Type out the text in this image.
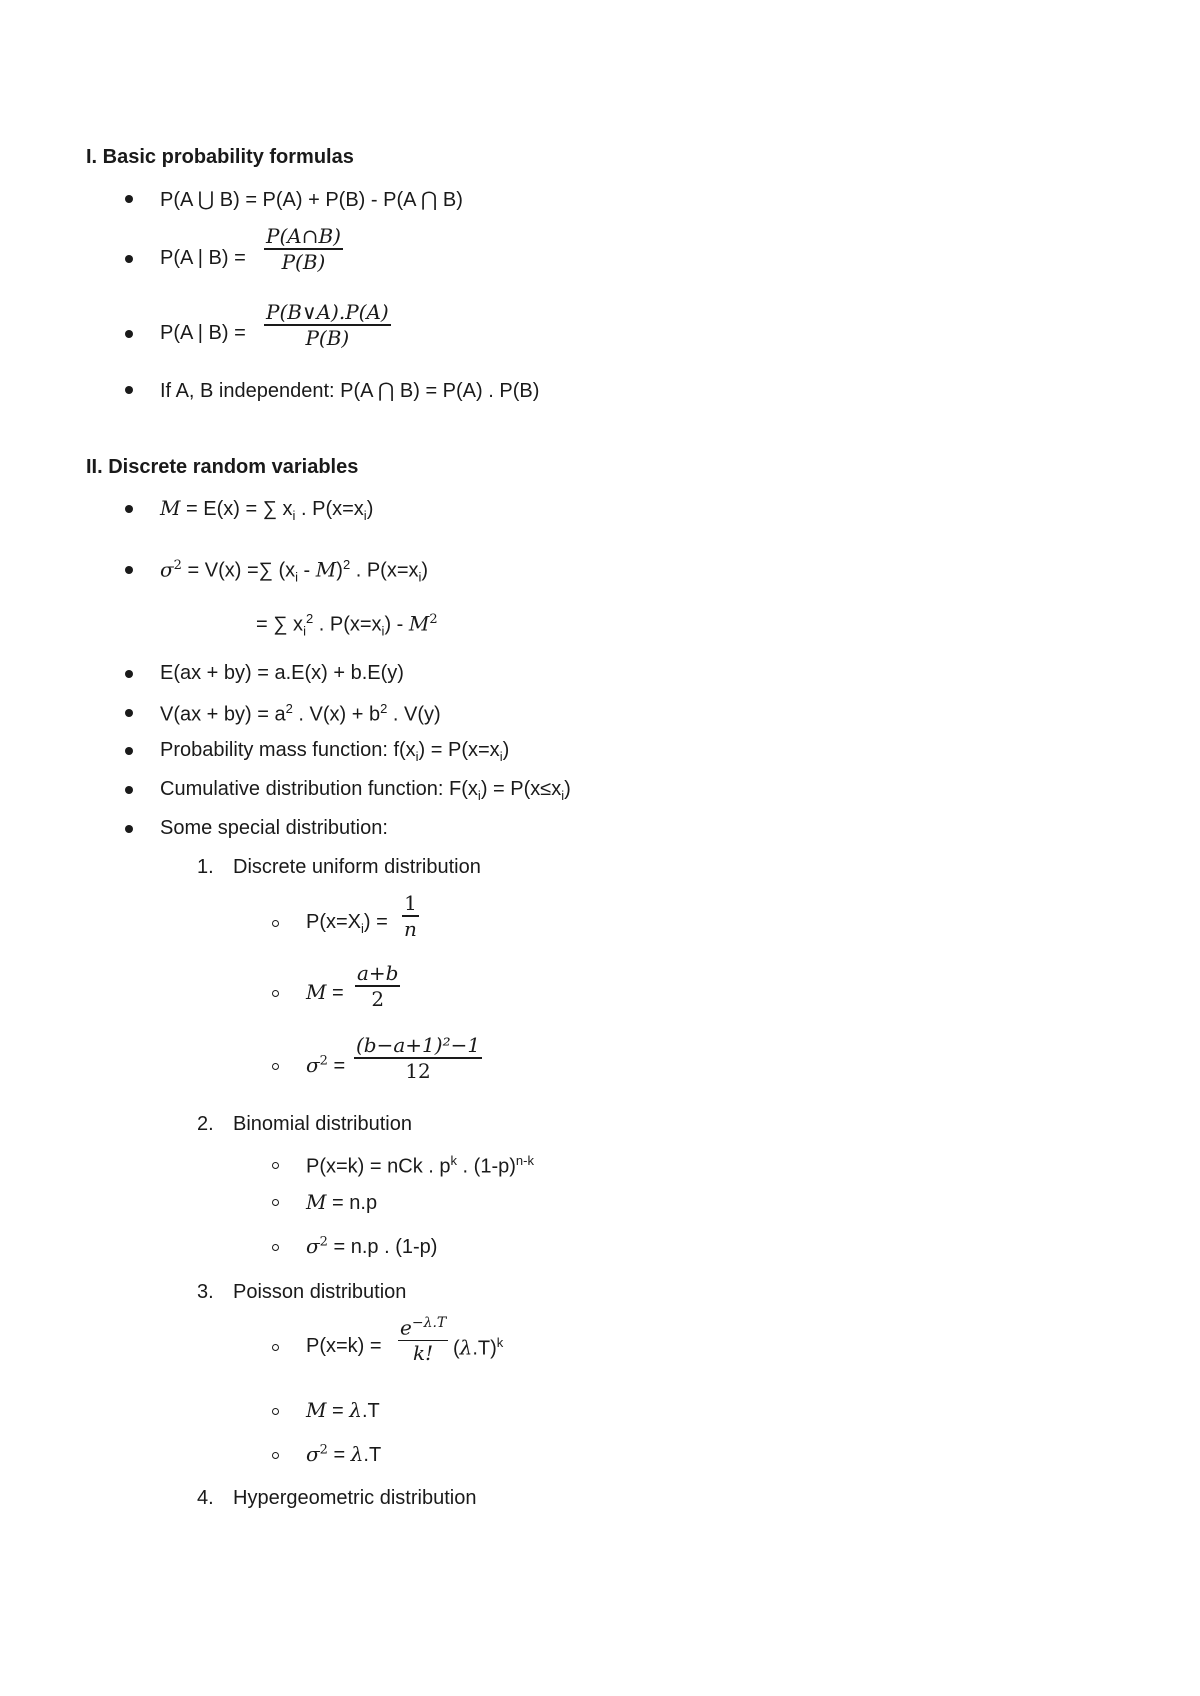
I. Basic probability formulas
P(A ⋃ B) = P(A) + P(B) - P(A ⋂ B)
P(A | B) =
P(A∩B)
P(B)
P(A | B) =
P(B∨A).P(A)
P(B)
If A, B independent: P(A ⋂ B) = P(A) . P(B)
II. Discrete random variables
M = E(x) = ∑ $x_i$ . $P(x=x_i)$
$\sigma^2 = V(x)$ =∑ $(x_i - M)^2$ . $P(x=x_i)$
= ∑ $x_i^2$ . $P(x=x_i) - M^2$
E(ax + by) = a.E(x) + b.E(y)
$V(ax + by) = a^2$ . $V(x) + b^2$ . V(y)
Probability mass function: $f(x_i) = P(x=x_i)$
Cumulative distribution function: $F(x_i) = P(x\le x_i)$
Some special distribution:
1. Discrete uniform distribution
$P(x=X_i)$ =
1
n
M =
a+b
2
$\sigma^2$ =
(b−a+1)²−1
12
2. Binomial distribution
P(x=k) = nCk . $p^k$ . $(1-p)^{n-k}$
M = n.p
$\sigma^2 = n.p$ . (1-p)
3. Poisson distribution
P(x=k) =
$e^{-\lambda.T}$
k! $(\lambda.T)^k$
M = λ.T
$\sigma^2 = \lambda.T$
4. Hypergeometric distribution
